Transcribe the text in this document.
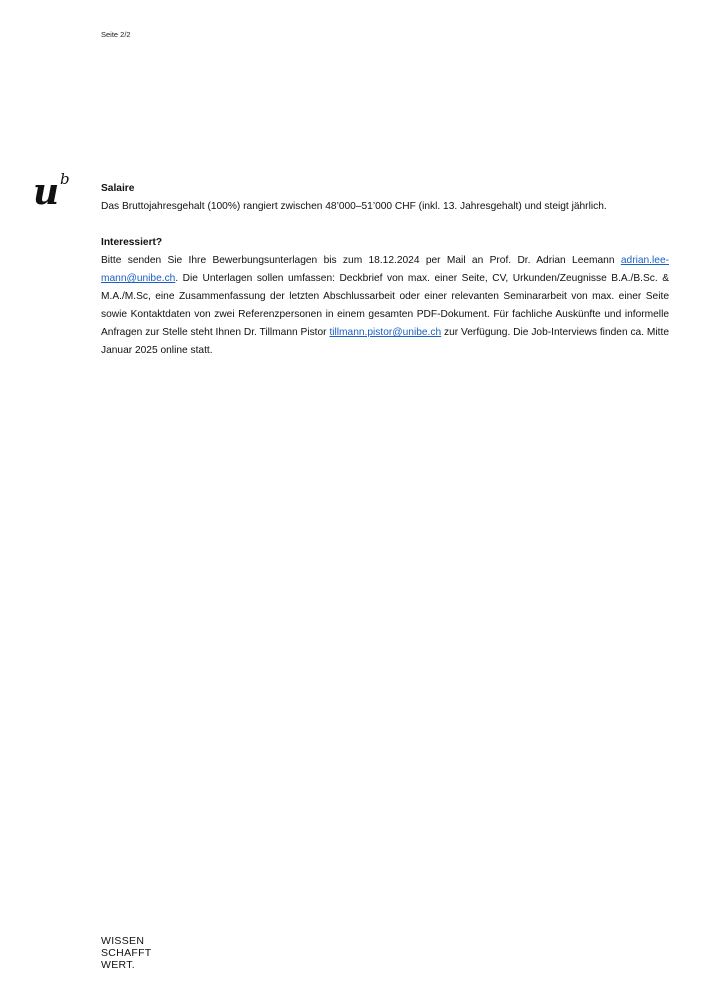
Seite 2/2
u b

Salaire

Das Bruttojahresgehalt (100%) rangiert zwischen 48’000–51’000 CHF (inkl. 13. Jahresgehalt) und steigt jährlich.

Interessiert?

Bitte senden Sie Ihre Bewerbungsunterlagen bis zum 18.12.2024 per Mail an Prof. Dr. Adrian Leemann adrian.lee-mann@unibe.ch. Die Unterlagen sollen umfassen: Deckbrief von max. einer Seite, CV, Urkunden/Zeugnisse B.A./B.Sc. & M.A./M.Sc, eine Zusammenfassung der letzten Abschlussarbeit oder einer relevanten Seminararbeit von max. einer Seite sowie Kontaktdaten von zwei Referenzpersonen in einem gesamten PDF-Dokument. Für fachliche Auskünfte und informelle Anfragen zur Stelle steht Ihnen Dr. Tillmann Pistor tillmann.pistor@unibe.ch zur Verfügung. Die Job-Interviews finden ca. Mitte Januar 2025 online statt.

WISSEN
SCHAFFT
WERT.
